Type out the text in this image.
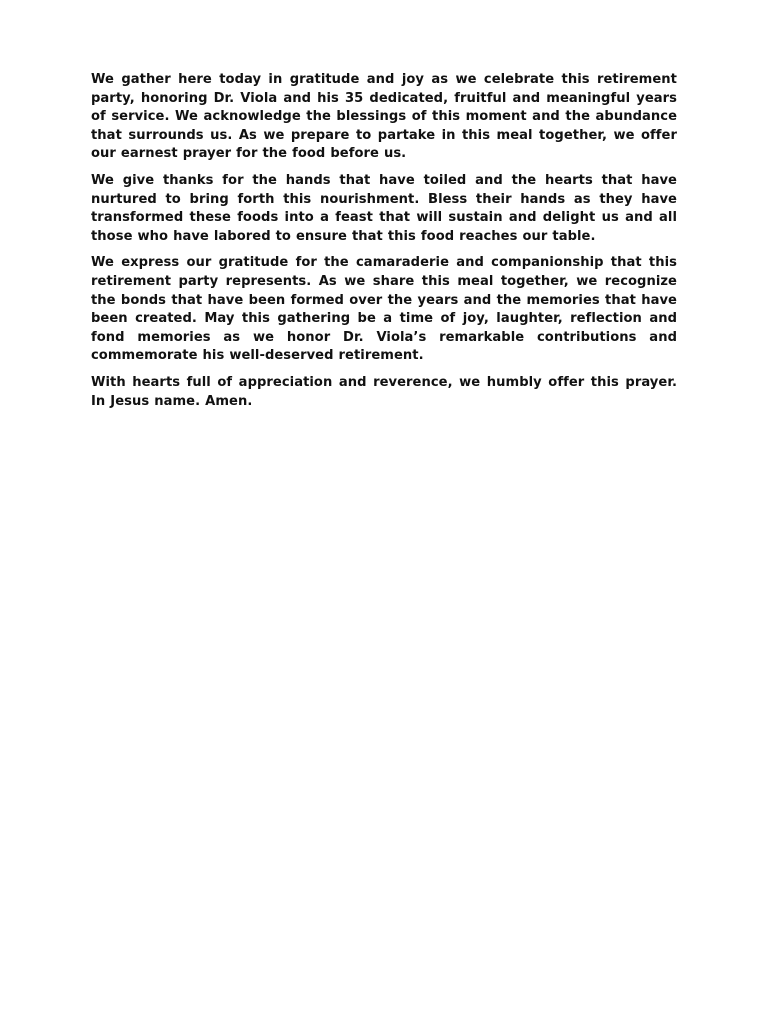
We gather here today in gratitude and joy as we celebrate this retirement party, honoring Dr. Viola and his 35 dedicated, fruitful and meaningful years of service. We acknowledge the blessings of this moment and the abundance that surrounds us. As we prepare to partake in this meal together, we offer our earnest prayer for the food before us.

We give thanks for the hands that have toiled and the hearts that have nurtured to bring forth this nourishment. Bless their hands as they have transformed these foods into a feast that will sustain and delight us and all those who have labored to ensure that this food reaches our table.

We express our gratitude for the camaraderie and companionship that this retirement party represents. As we share this meal together, we recognize the bonds that have been formed over the years and the memories that have been created. May this gathering be a time of joy, laughter, reflection and fond memories as we honor Dr. Viola’s remarkable contributions and commemorate his well-deserved retirement.

With hearts full of appreciation and reverence, we humbly offer this prayer. In Jesus name. Amen.
